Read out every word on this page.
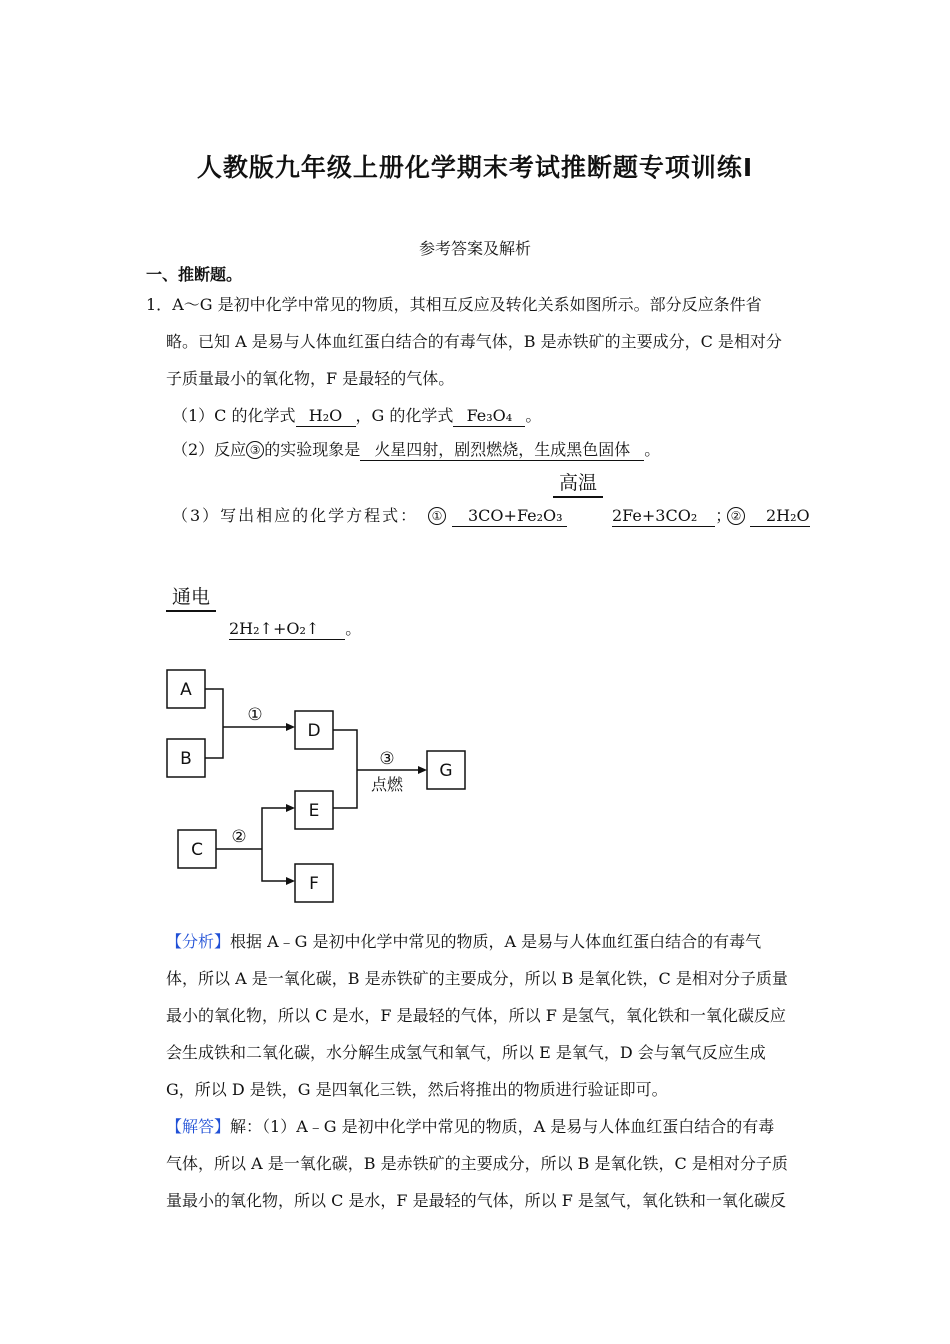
人教版九年级上册化学期末考试推断题专项训练Ⅰ
参考答案及解析
一、推断题。
1．A～G 是初中化学中常见的物质，其相互反应及转化关系如图所示。部分反应条件省
略。已知 A 是易与人体血红蛋白结合的有毒气体，B 是赤铁矿的主要成分，C 是相对分
子质量最小的氧化物，F 是最轻的气体。
（1）C 的化学式 H₂O ，G 的化学式 Fe₃O₄ 。
（2）反应 ③ 的实验现象是 火星四射，剧烈燃烧，生成黑色固体 。
高温
（3）写出相应的化学方程式：	①	3CO+Fe₂O₃	2Fe+3CO₂ ； ②	2H₂O
通电
2H₂↑+O₂↑ 。
A
B
D
G
E
C
F
①
③
点燃
②
【分析】根据 A﹣G 是初中化学中常见的物质，A 是易与人体血红蛋白结合的有毒气
体，所以 A 是一氧化碳，B 是赤铁矿的主要成分，所以 B 是氧化铁，C 是相对分子质量
最小的氧化物，所以 C 是水，F 是最轻的气体，所以 F 是氢气，氧化铁和一氧化碳反应
会生成铁和二氧化碳，水分解生成氢气和氧气，所以 E 是氧气，D 会与氧气反应生成
G，所以 D 是铁，G 是四氧化三铁，然后将推出的物质进行验证即可。
【解答】解：（1）A﹣G 是初中化学中常见的物质，A 是易与人体血红蛋白结合的有毒
气体，所以 A 是一氧化碳，B 是赤铁矿的主要成分，所以 B 是氧化铁，C 是相对分子质
量最小的氧化物，所以 C 是水，F 是最轻的气体，所以 F 是氢气，氧化铁和一氧化碳反
